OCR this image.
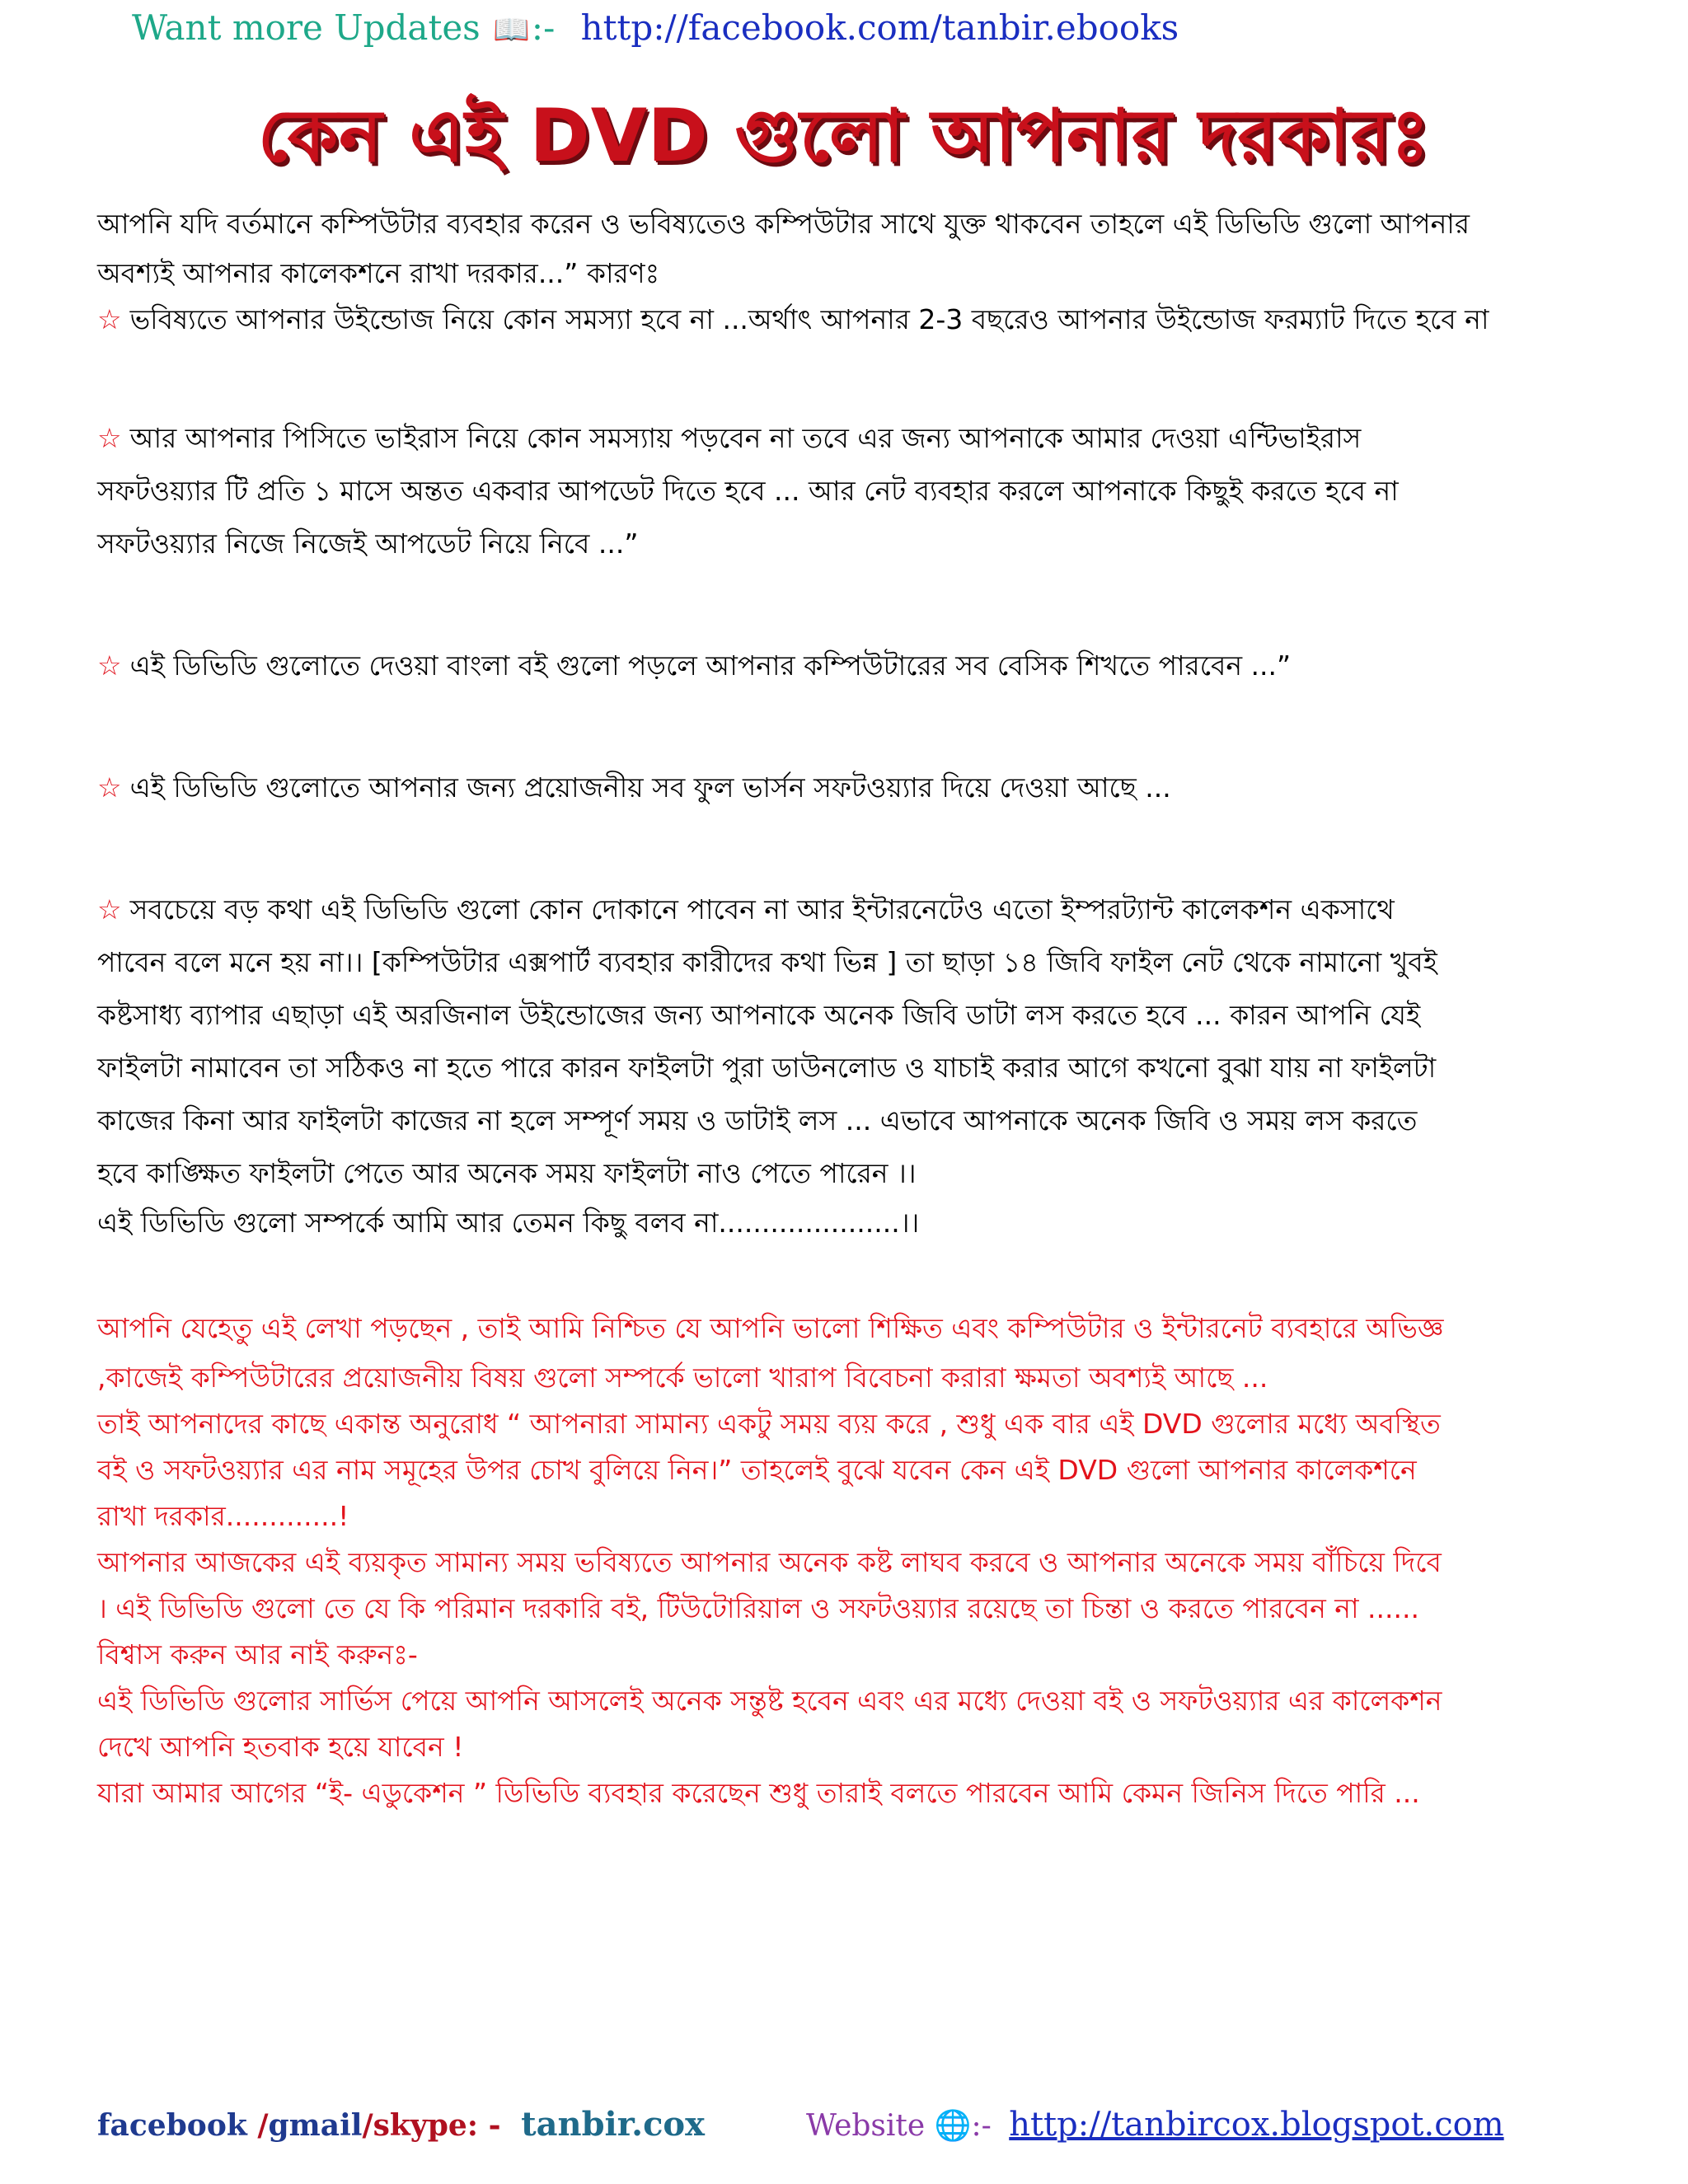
Want more Updates 📖:- http://facebook.com/tanbir.ebooks
কেন এই DVD গুলো আপনার দরকারঃ
আপনি যদি বর্তমানে কম্পিউটার ব্যবহার করেন ও ভবিষ্যতেও কম্পিউটার সাথে যুক্ত থাকবেন তাহলে এই ডিভিডি গুলো আপনার
অবশ্যই আপনার কালেকশনে রাখা দরকার...” কারণঃ
☆ ভবিষ্যতে আপনার উইন্ডোজ নিয়ে কোন সমস্যা হবে না ...অর্থাৎ আপনার 2-3 বছরেও আপনার উইন্ডোজ ফরম্যাট দিতে হবে না
☆ আর আপনার পিসিতে ভাইরাস নিয়ে কোন সমস্যায় পড়বেন না তবে এর জন্য আপনাকে আমার দেওয়া এন্টিভাইরাস
সফটওয়্যার টি প্রতি ১ মাসে অন্তত একবার আপডেট দিতে হবে ... আর নেট ব্যবহার করলে আপনাকে কিছুই করতে হবে না
সফটওয়্যার নিজে নিজেই আপডেট নিয়ে নিবে ...”
☆ এই ডিভিডি গুলোতে দেওয়া বাংলা বই গুলো পড়লে আপনার কম্পিউটারের সব বেসিক শিখতে পারবেন ...”
☆ এই ডিভিডি গুলোতে আপনার জন্য প্রয়োজনীয় সব ফুল ভার্সন সফটওয়্যার দিয়ে দেওয়া আছে ...
☆ সবচেয়ে বড় কথা এই ডিভিডি গুলো কোন দোকানে পাবেন না আর ইন্টারনেটেও এতো ইম্পরট্যান্ট কালেকশন একসাথে
পাবেন বলে মনে হয় না।। [কম্পিউটার এক্সপার্ট ব্যবহার কারীদের কথা ভিন্ন ] তা ছাড়া ১৪ জিবি ফাইল নেট থেকে নামানো খুবই
কষ্টসাধ্য ব্যাপার এছাড়া এই অরজিনাল উইন্ডোজের জন্য আপনাকে অনেক জিবি ডাটা লস করতে হবে ... কারন আপনি যেই
ফাইলটা নামাবেন তা সঠিকও না হতে পারে কারন ফাইলটা পুরা ডাউনলোড ও যাচাই করার আগে কখনো বুঝা যায় না ফাইলটা
কাজের কিনা আর ফাইলটা কাজের না হলে সম্পূর্ণ সময় ও ডাটাই লস ... এভাবে আপনাকে অনেক জিবি ও সময় লস করতে
হবে কাঙ্ক্ষিত ফাইলটা পেতে আর অনেক সময় ফাইলটা নাও পেতে পারেন ।।
এই ডিভিডি গুলো সম্পর্কে আমি আর তেমন কিছু বলব না.....................।।
আপনি যেহেতু এই লেখা পড়ছেন , তাই আমি নিশ্চিত যে আপনি ভালো শিক্ষিত এবং কম্পিউটার ও ইন্টারনেট ব্যবহারে অভিজ্ঞ
,কাজেই কম্পিউটারের প্রয়োজনীয় বিষয় গুলো সম্পর্কে ভালো খারাপ বিবেচনা করারা ক্ষমতা অবশ্যই আছে ...
তাই আপনাদের কাছে একান্ত অনুরোধ “ আপনারা সামান্য একটু সময় ব্যয় করে , শুধু এক বার এই DVD গুলোর মধ্যে অবস্থিত
বই ও সফটওয়্যার এর নাম সমূহের উপর চোখ বুলিয়ে নিন।” তাহলেই বুঝে যবেন কেন এই DVD গুলো আপনার কালেকশনে
রাখা দরকার.............!
আপনার আজকের এই ব্যয়কৃত সামান্য সময় ভবিষ্যতে আপনার অনেক কষ্ট লাঘব করবে ও আপনার অনেকে সময় বাঁচিয়ে দিবে
। এই ডিভিডি গুলো তে যে কি পরিমান দরকারি বই, টিউটোরিয়াল ও সফটওয়্যার রয়েছে তা চিন্তা ও করতে পারবেন না ......
বিশ্বাস করুন আর নাই করুনঃ-
এই ডিভিডি গুলোর সার্ভিস পেয়ে আপনি আসলেই অনেক সন্তুষ্ট হবেন এবং এর মধ্যে দেওয়া বই ও সফটওয়্যার এর কালেকশন
দেখে আপনি হতবাক হয়ে যাবেন !
যারা আমার আগের “ই- এডুকেশন ” ডিভিডি ব্যবহার করেছেন শুধু তারাই বলতে পারবেন আমি কেমন জিনিস দিতে পারি ...
facebook /gmail/skype: - tanbir.cox	Website 🌐:- http://tanbircox.blogspot.com
